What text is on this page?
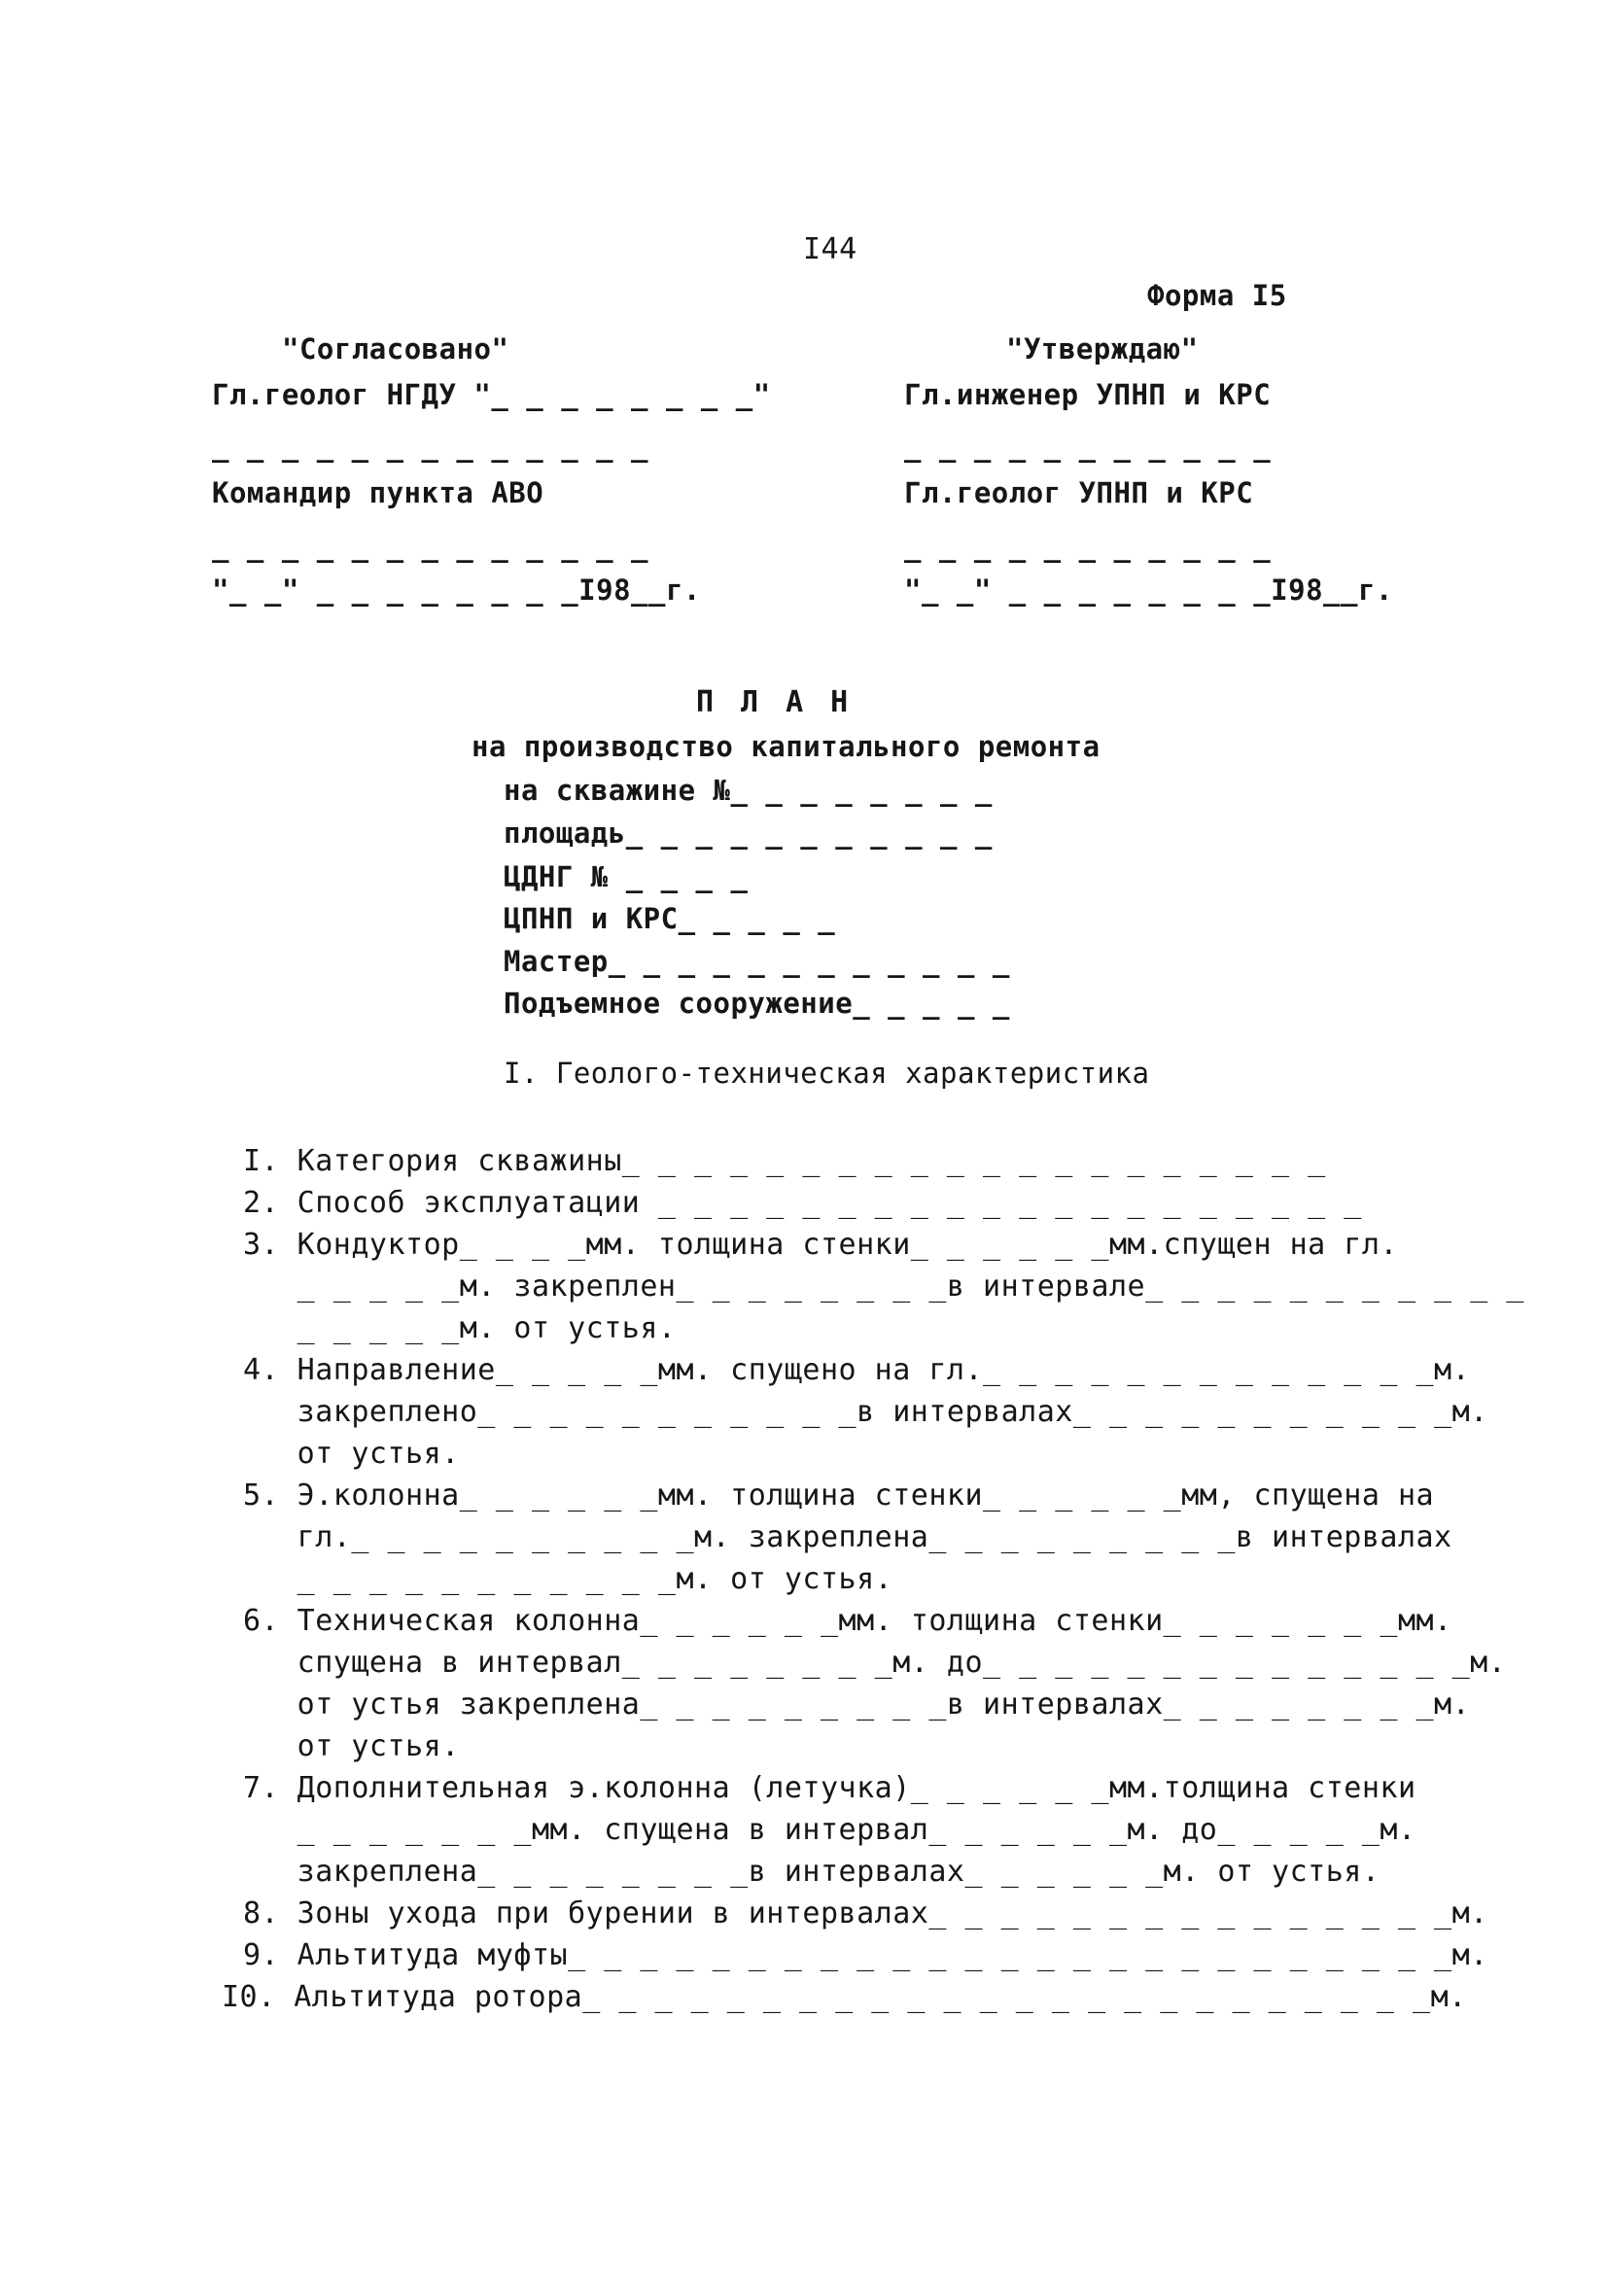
I44
Форма I5
"Согласовано"
Гл.геолог НГДУ "_ _ _ _ _ _ _ _"
_ _ _ _ _ _ _ _ _ _ _ _ _
Командир пункта АВО
_ _ _ _ _ _ _ _ _ _ _ _ _
"_ _" _ _ _ _ _ _ _ _I98__г.
"Утверждаю"
Гл.инженер УПНП и КРС
_ _ _ _ _ _ _ _ _ _ _
Гл.геолог УПНП и КРС
_ _ _ _ _ _ _ _ _ _ _
"_ _" _ _ _ _ _ _ _ _I98__г.
ПЛАН
на производство капитального ремонта
на скважине №_ _ _ _ _ _ _ _
площадь_ _ _ _ _ _ _ _ _ _ _
ЦДНГ № _ _ _ _
ЦПНП и КРС_ _ _ _ _
Мастер_ _ _ _ _ _ _ _ _ _ _ _
Подъемное сооружение_ _ _ _ _
I. Геолого-техническая характеристика
I. Категория скважины_ _ _ _ _ _ _ _ _ _ _ _ _ _ _ _ _ _ _ _
2. Способ эксплуатации _ _ _ _ _ _ _ _ _ _ _ _ _ _ _ _ _ _ _ _
3. Кондуктор_ _ _ _мм. толщина стенки_ _ _ _ _ _мм.спущен на гл.
_ _ _ _ _м. закреплен_ _ _ _ _ _ _ _в интервале_ _ _ _ _ _ _ _ _ _ _
_ _ _ _ _м. от устья.
4. Направление_ _ _ _ _мм. спущено на гл._ _ _ _ _ _ _ _ _ _ _ _ _м.
закреплено_ _ _ _ _ _ _ _ _ _ _в интервалах_ _ _ _ _ _ _ _ _ _ _м.
от устья.
5. Э.колонна_ _ _ _ _ _мм. толщина стенки_ _ _ _ _ _мм, спущена на
гл._ _ _ _ _ _ _ _ _ _м. закреплена_ _ _ _ _ _ _ _ _в интервалах
_ _ _ _ _ _ _ _ _ _ _м. от устья.
6. Техническая колонна_ _ _ _ _ _мм. толщина стенки_ _ _ _ _ _ _мм.
спущена в интервал_ _ _ _ _ _ _ _м. до_ _ _ _ _ _ _ _ _ _ _ _ _ _м.
от устья закреплена_ _ _ _ _ _ _ _ _в интервалах_ _ _ _ _ _ _ _м.
от устья.
7. Дополнительная э.колонна (летучка)_ _ _ _ _ _мм.толщина стенки
_ _ _ _ _ _ _мм. спущена в интервал_ _ _ _ _ _м. до_ _ _ _ _м.
закреплена_ _ _ _ _ _ _ _в интервалах_ _ _ _ _ _м. от устья.
8. Зоны ухода при бурении в интервалах_ _ _ _ _ _ _ _ _ _ _ _ _ _ _м.
9. Альтитуда муфты_ _ _ _ _ _ _ _ _ _ _ _ _ _ _ _ _ _ _ _ _ _ _ _ _м.
I0. Альтитуда ротора_ _ _ _ _ _ _ _ _ _ _ _ _ _ _ _ _ _ _ _ _ _ _ _м.
